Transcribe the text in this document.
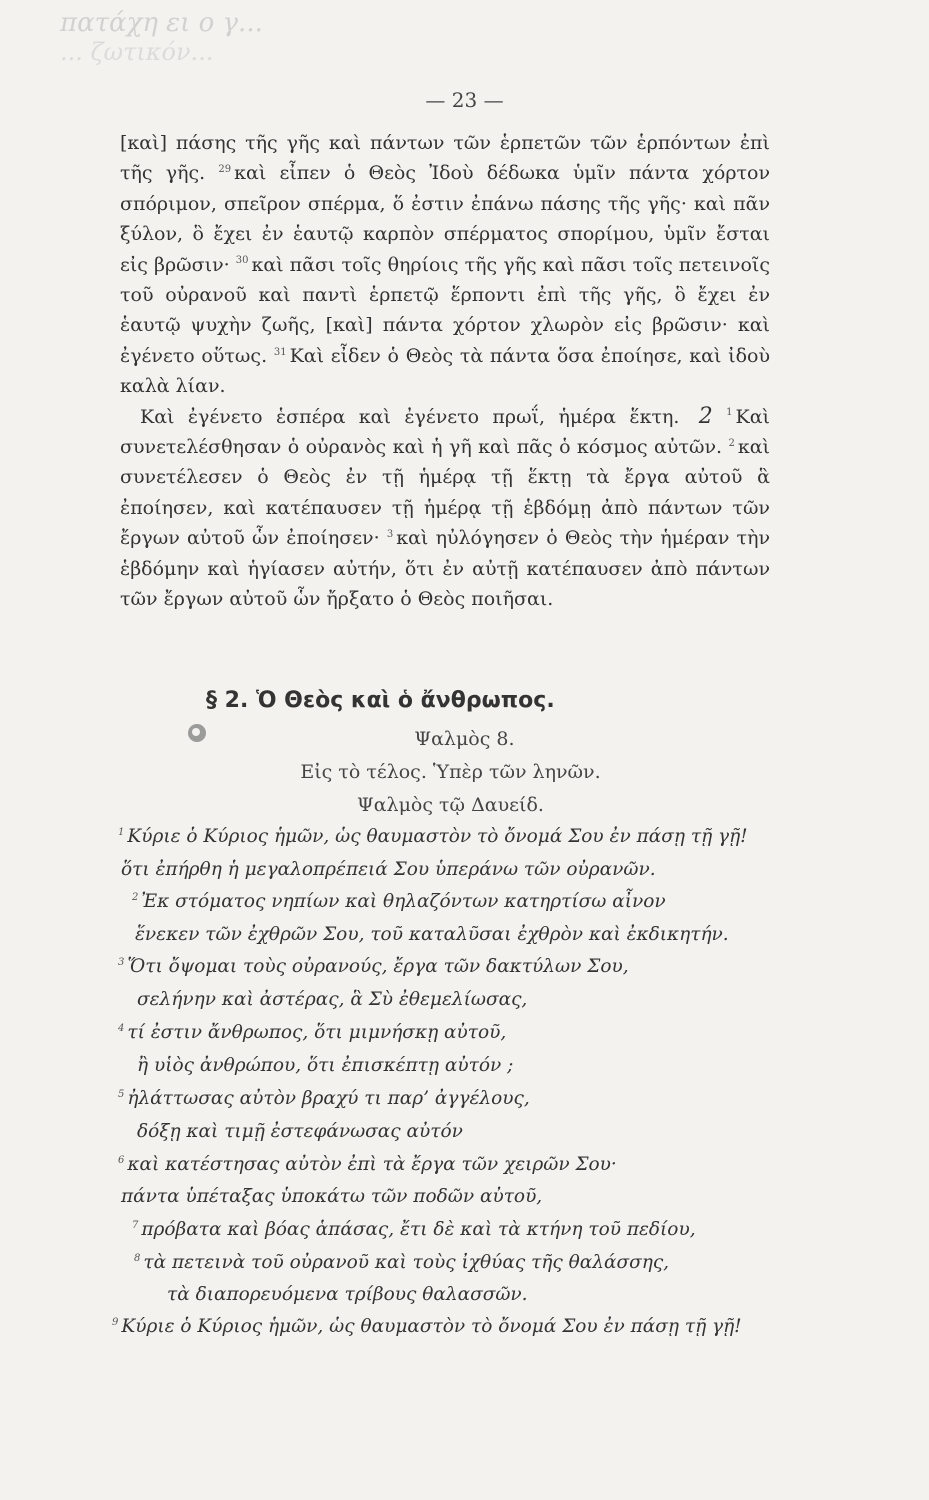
πατάχη ει ο γ...
... ζωτικόν...
— 23 —

[καὶ] πάσης τῆς γῆς καὶ πάντων τῶν ἑρπετῶν τῶν ἑρπόντων ἐπὶ τῆς γῆς. $^{29}$ καὶ εἶπεν ὁ Θεὸς Ἰδοὺ δέδωκα ὑμῖν πάντα χόρτον σπόριμον, σπεῖρον σπέρμα, ὅ ἐστιν ἐπάνω πάσης τῆς γῆς· καὶ πᾶν ξύλον, ὃ ἔχει ἐν ἑαυτῷ καρπὸν σπέρματος σπορίμου, ὑμῖν ἔσται εἰς βρῶσιν· $^{30}$ καὶ πᾶσι τοῖς θηρίοις τῆς γῆς καὶ πᾶσι τοῖς πετεινοῖς τοῦ οὐρανοῦ καὶ παντὶ ἑρπετῷ ἕρποντι ἐπὶ τῆς γῆς, ὃ ἔχει ἐν ἑαυτῷ ψυχὴν ζωῆς, [καὶ] πάντα χόρτον χλωρὸν εἰς βρῶσιν· καὶ ἐγένετο οὕτως. $^{31}$ Καὶ εἶδεν ὁ Θεὸς τὰ πάντα ὅσα ἐποίησε, καὶ ἰδοὺ καλὰ λίαν.

Καὶ ἐγένετο ἑσπέρα καὶ ἐγένετο πρωΐ, ἡμέρα ἕκτη. 2 $^1$ Καὶ συνετελέσθησαν ὁ οὐρανὸς καὶ ἡ γῆ καὶ πᾶς ὁ κόσμος αὐτῶν. $^2$ καὶ συνετέλεσεν ὁ Θεὸς ἐν τῇ ἡμέρᾳ τῇ ἕκτῃ τὰ ἔργα αὐτοῦ ἃ ἐποίησεν, καὶ κατέπαυσεν τῇ ἡμέρᾳ τῇ ἑβδόμῃ ἀπὸ πάντων τῶν ἔργων αὐτοῦ ὧν ἐποίησεν· $^3$ καὶ ηὐλόγησεν ὁ Θεὸς τὴν ἡμέραν τὴν ἑβδόμην καὶ ἡγίασεν αὐτήν, ὅτι ἐν αὐτῇ κατέπαυσεν ἀπὸ πάντων τῶν ἔργων αὐτοῦ ὧν ἤρξατο ὁ Θεὸς ποιῆσαι.

§ 2. Ὁ Θεὸς καὶ ὁ ἄνθρωπος.
Ψαλμὸς 8.
Εἰς τὸ τέλος. Ὑπὲρ τῶν ληνῶν.
Ψαλμὸς τῷ Δαυείδ.
$^1$ Κύριε ὁ Κύριος ἡμῶν, ὡς θαυμαστὸν τὸ ὄνομά Σου ἐν πάσῃ τῇ γῇ!
ὅτι ἐπήρθη ἡ μεγαλοπρέπειά Σου ὑπεράνω τῶν οὐρανῶν.
$^2$ Ἐκ στόματος νηπίων καὶ θηλαζόντων κατηρτίσω αἶνον
ἕνεκεν τῶν ἐχθρῶν Σου, τοῦ καταλῦσαι ἐχθρὸν καὶ ἐκδικητήν.
$^3$ Ὅτι ὄψομαι τοὺς οὐρανούς, ἔργα τῶν δακτύλων Σου,
σελήνην καὶ ἀστέρας, ἃ Σὺ ἐθεμελίωσας,
$^4$ τί ἐστιν ἄνθρωπος, ὅτι μιμνήσκῃ αὐτοῦ,
ἢ υἱὸς ἀνθρώπου, ὅτι ἐπισκέπτῃ αὐτόν ;
$^5$ ἠλάττωσας αὐτὸν βραχύ τι παρ’ ἀγγέλους,
δόξῃ καὶ τιμῇ ἐστεφάνωσας αὐτόν
$^6$ καὶ κατέστησας αὐτὸν ἐπὶ τὰ ἔργα τῶν χειρῶν Σου·
πάντα ὑπέταξας ὑποκάτω τῶν ποδῶν αὐτοῦ,
$^7$ πρόβατα καὶ βόας ἁπάσας, ἔτι δὲ καὶ τὰ κτήνη τοῦ πεδίου,
$^8$ τὰ πετεινὰ τοῦ οὐρανοῦ καὶ τοὺς ἰχθύας τῆς θαλάσσης,
τὰ διαπορευόμενα τρίβους θαλασσῶν.
$^9$ Κύριε ὁ Κύριος ἡμῶν, ὡς θαυμαστὸν τὸ ὄνομά Σου ἐν πάσῃ τῇ γῇ!
